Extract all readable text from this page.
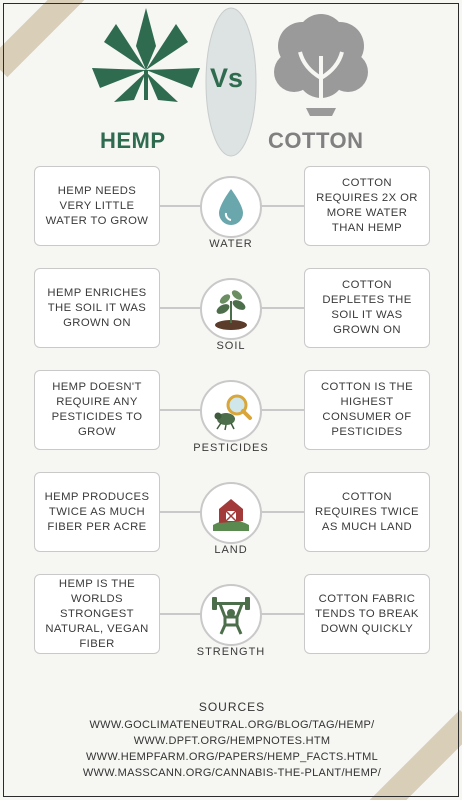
Vs
HEMP	COTTON
HEMP NEEDS VERY LITTLE WATER TO GROW
WATER
COTTON REQUIRES 2X OR MORE WATER THAN HEMP
HEMP ENRICHES THE SOIL IT WAS GROWN ON
SOIL
COTTON DEPLETES THE SOIL IT WAS GROWN ON
HEMP DOESN'T REQUIRE ANY PESTICIDES TO GROW
PESTICIDES
COTTON IS THE HIGHEST CONSUMER OF PESTICIDES
HEMP PRODUCES TWICE AS MUCH FIBER PER ACRE
LAND
COTTON REQUIRES TWICE AS MUCH LAND
HEMP IS THE WORLDS STRONGEST NATURAL, VEGAN FIBER
STRENGTH
COTTON FABRIC TENDS TO BREAK DOWN QUICKLY
SOURCES
WWW.GOCLIMATENEUTRAL.ORG/BLOG/TAG/HEMP/
WWW.DPFT.ORG/HEMPNOTES.HTM
WWW.HEMPFARM.ORG/PAPERS/HEMP_FACTS.HTML
WWW.MASSCANN.ORG/CANNABIS-THE-PLANT/HEMP/
